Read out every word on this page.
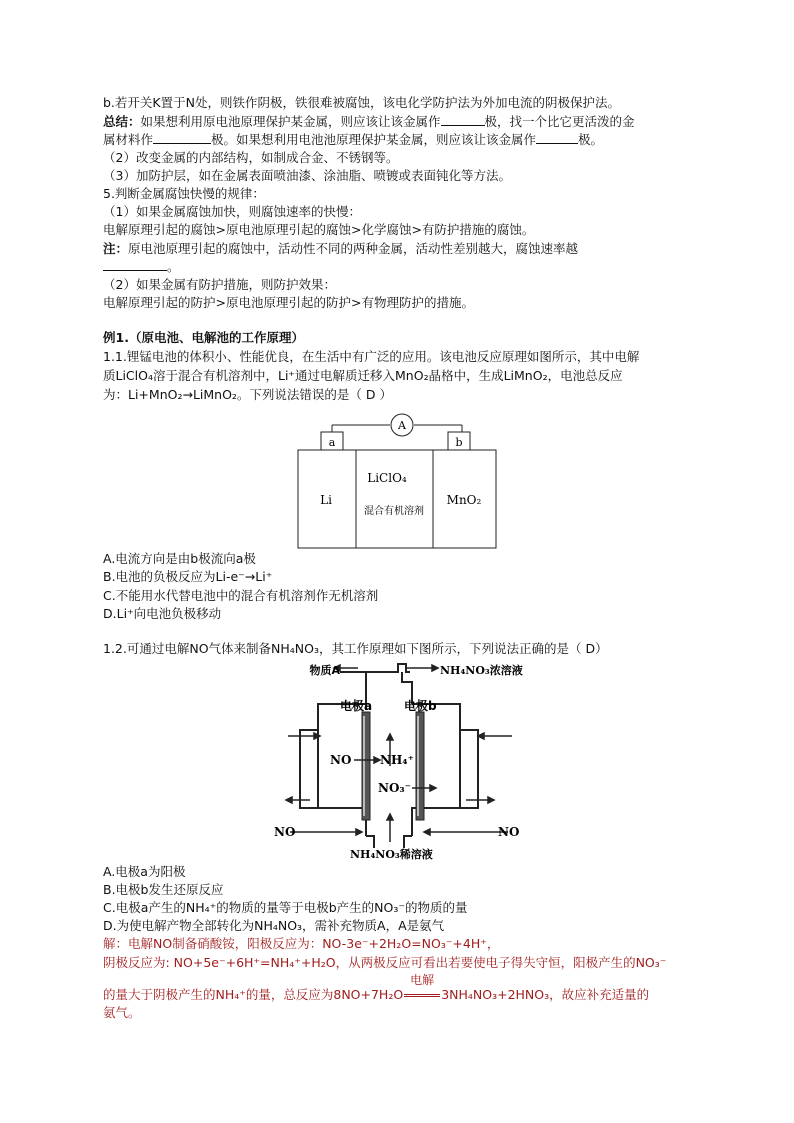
b.若开关K置于N处，则铁作阴极，铁很难被腐蚀，该电化学防护法为外加电流的阴极保护法。
总结：如果想利用原电池原理保护某金属，则应该让该金属作	极，找一个比它更活泼的金
属材料作	极。如果想利用电池池原理保护某金属，则应该让该金属作	极。
（2）改变金属的内部结构，如制成合金、不锈钢等。
（3）加防护层，如在金属表面喷油漆、涂油脂、喷镀或表面钝化等方法。
5.判断金属腐蚀快慢的规律：
（1）如果金属腐蚀加快，则腐蚀速率的快慢：
电解原理引起的腐蚀>原电池原理引起的腐蚀>化学腐蚀>有防护措施的腐蚀。
注：原电池原理引起的腐蚀中，活动性不同的两种金属，活动性差别越大，腐蚀速率越
。
（2）如果金属有防护措施，则防护效果：
电解原理引起的防护>原电池原理引起的防护>有物理防护的措施。
例1.（原电池、电解池的工作原理）
1.1.锂锰电池的体积小、性能优良，在生活中有广泛的应用。该电池反应原理如图所示，其中电解
质LiClO₄溶于混合有机溶剂中，Li⁺通过电解质迁移入MnO₂晶格中，生成LiMnO₂，电池总反应
为：Li+MnO₂→LiMnO₂。下列说法错误的是（ D ）
A
a	b
Li
LiClO₄
混合有机溶剂
MnO₂
A.电流方向是由b极流向a极
B.电池的负极反应为Li-e⁻→Li⁺
C.不能用水代替电池中的混合有机溶剂作无机溶剂
D.Li⁺向电池负极移动
1.2.可通过电解NO气体来制备NH₄NO₃，其工作原理如下图所示，下列说法正确的是（ D）
物质A	NH₄NO₃浓溶液
电极a	电极b
NO NH₄⁺
NO₃⁻
NO	NO
NH₄NO₃稀溶液
A.电极a为阳极
B.电极b发生还原反应
C.电极a产生的NH₄⁺的物质的量等于电极b产生的NO₃⁻的物质的量
D.为使电解产物全部转化为NH₄NO₃，需补充物质A，A是氨气
解：电解NO制备硝酸铵，阳极反应为：NO-3e⁻+2H₂O=NO₃⁻+4H⁺，
阴极反应为: NO+5e⁻+6H⁺=NH₄⁺+H₂O，从两极反应可看出若要使电子得失守恒，阳极产生的NO₃⁻
的量大于阴极产生的NH₄⁺的量，总反应为8NO+7H₂O
电解
3NH₄NO₃+2HNO₃，故应补充适量的
氨气。
